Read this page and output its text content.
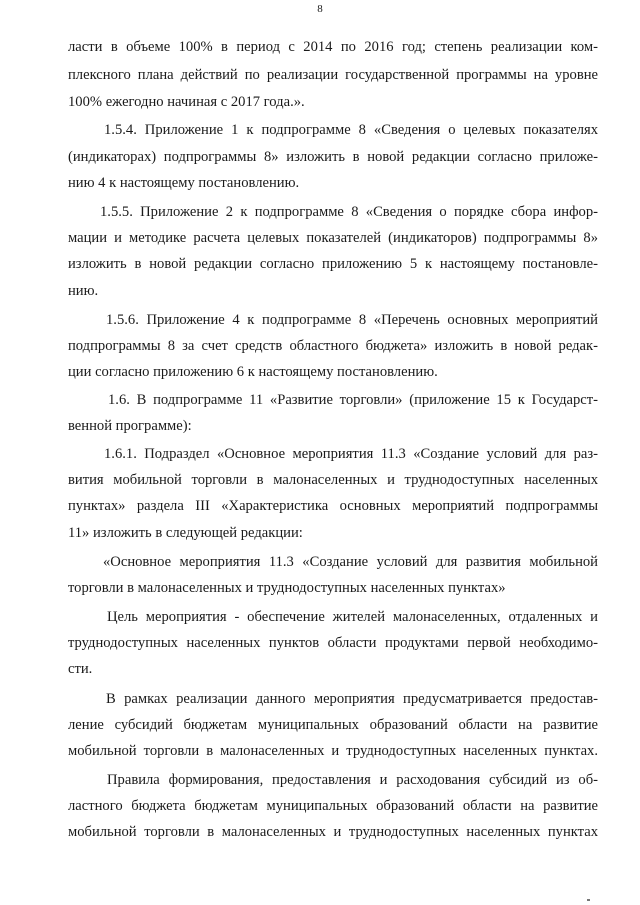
8
ласти в объеме 100% в период с 2014 по 2016 год; степень реализации ком-
плексного плана действий по реализации государственной программы на уровне
100% ежегодно начиная с 2017 года.».
1.5.4. Приложение 1 к подпрограмме 8 «Сведения о целевых показателях
(индикаторах) подпрограммы 8» изложить в новой редакции согласно приложе-
нию 4 к настоящему постановлению.
1.5.5. Приложение 2 к подпрограмме 8 «Сведения о порядке сбора инфор-
мации и методике расчета целевых показателей (индикаторов) подпрограммы 8»
изложить в новой редакции согласно приложению 5 к настоящему постановле-
нию.
1.5.6. Приложение 4 к подпрограмме 8 «Перечень основных мероприятий
подпрограммы 8 за счет средств областного бюджета» изложить в новой редак-
ции согласно приложению 6 к настоящему постановлению.
1.6. В подпрограмме 11 «Развитие торговли» (приложение 15 к Государст-
венной программе):
1.6.1. Подраздел «Основное мероприятия 11.3 «Создание условий для раз-
вития мобильной торговли в малонаселенных и труднодоступных населенных
пунктах» раздела III «Характеристика основных мероприятий подпрограммы
11» изложить в следующей редакции:
«Основное мероприятия 11.3 «Создание условий для развития мобильной
торговли в малонаселенных и труднодоступных населенных пунктах»
Цель мероприятия - обеспечение жителей малонаселенных, отдаленных и
труднодоступных населенных пунктов области продуктами первой необходимо-
сти.
В рамках реализации данного мероприятия предусматривается предостав-
ление субсидий бюджетам муниципальных образований области на развитие
мобильной торговли в малонаселенных и труднодоступных населенных пунктах.
Правила формирования, предоставления и расходования субсидий из об-
ластного бюджета бюджетам муниципальных образований области на развитие
мобильной торговли в малонаселенных и труднодоступных населенных пунктах
